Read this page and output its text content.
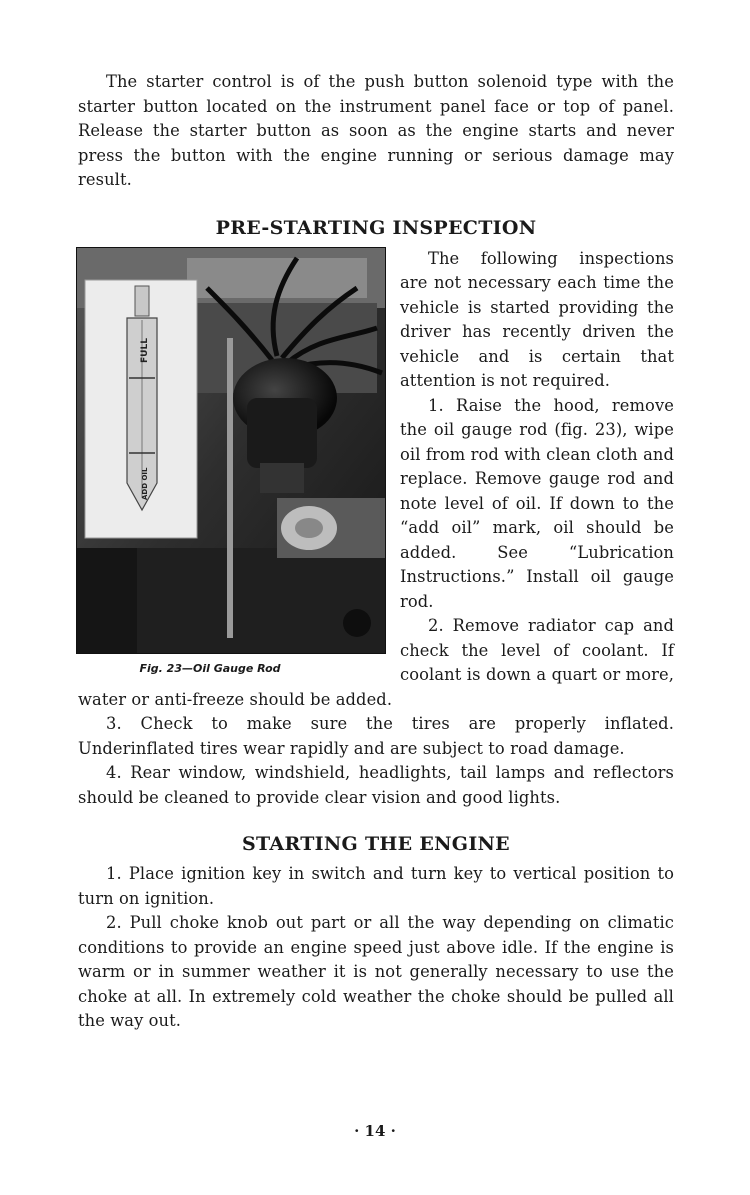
The starter control is of the push button solenoid type with the starter button located on the instrument panel face or top of panel. Release the starter button as soon as the engine starts and never press the button with the engine running or serious damage may result.

PRE-STARTING INSPECTION
FULL
ADD OIL
Fig. 23—Oil Gauge Rod

The following inspections are not necessary each time the vehicle is started providing the driver has recently driven the vehicle and is certain that attention is not required.

1. Raise the hood, remove the oil gauge rod (fig. 23), wipe oil from rod with clean cloth and replace. Remove gauge rod and note level of oil. If down to the “add oil” mark, oil should be added. See “Lubrication Instructions.” Install oil gauge rod.

2. Remove radiator cap and check the level of coolant. If coolant is down a quart or more, water or anti-freeze should be added.

3. Check to make sure the tires are properly inflated. Underinflated tires wear rapidly and are subject to road damage.

4. Rear window, windshield, headlights, tail lamps and reflectors should be cleaned to provide clear vision and good lights.

STARTING THE ENGINE

1. Place ignition key in switch and turn key to vertical position to turn on ignition.

2. Pull choke knob out part or all the way depending on climatic conditions to provide an engine speed just above idle. If the engine is warm or in summer weather it is not generally necessary to use the choke at all. In extremely cold weather the choke should be pulled all the way out.

· 14 ·
